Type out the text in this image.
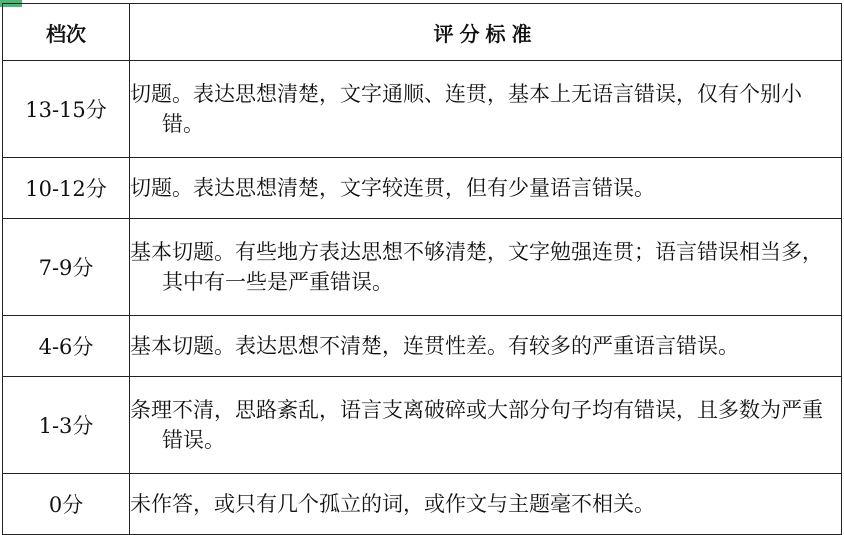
档次	评分标准
13-15分	切题。表达思想清楚，文字通顺、连贯，基本上无语言错误，仅有个别小错。

10-12分	切题。表达思想清楚，文字较连贯，但有少量语言错误。

7-9分	基本切题。有些地方表达思想不够清楚，文字勉强连贯；语言错误相当多，其中有一些是严重错误。

4-6分	基本切题。表达思想不清楚，连贯性差。有较多的严重语言错误。

1-3分	条理不清，思路紊乱，语言支离破碎或大部分句子均有错误，且多数为严重错误。

0分	未作答，或只有几个孤立的词，或作文与主题毫不相关。
